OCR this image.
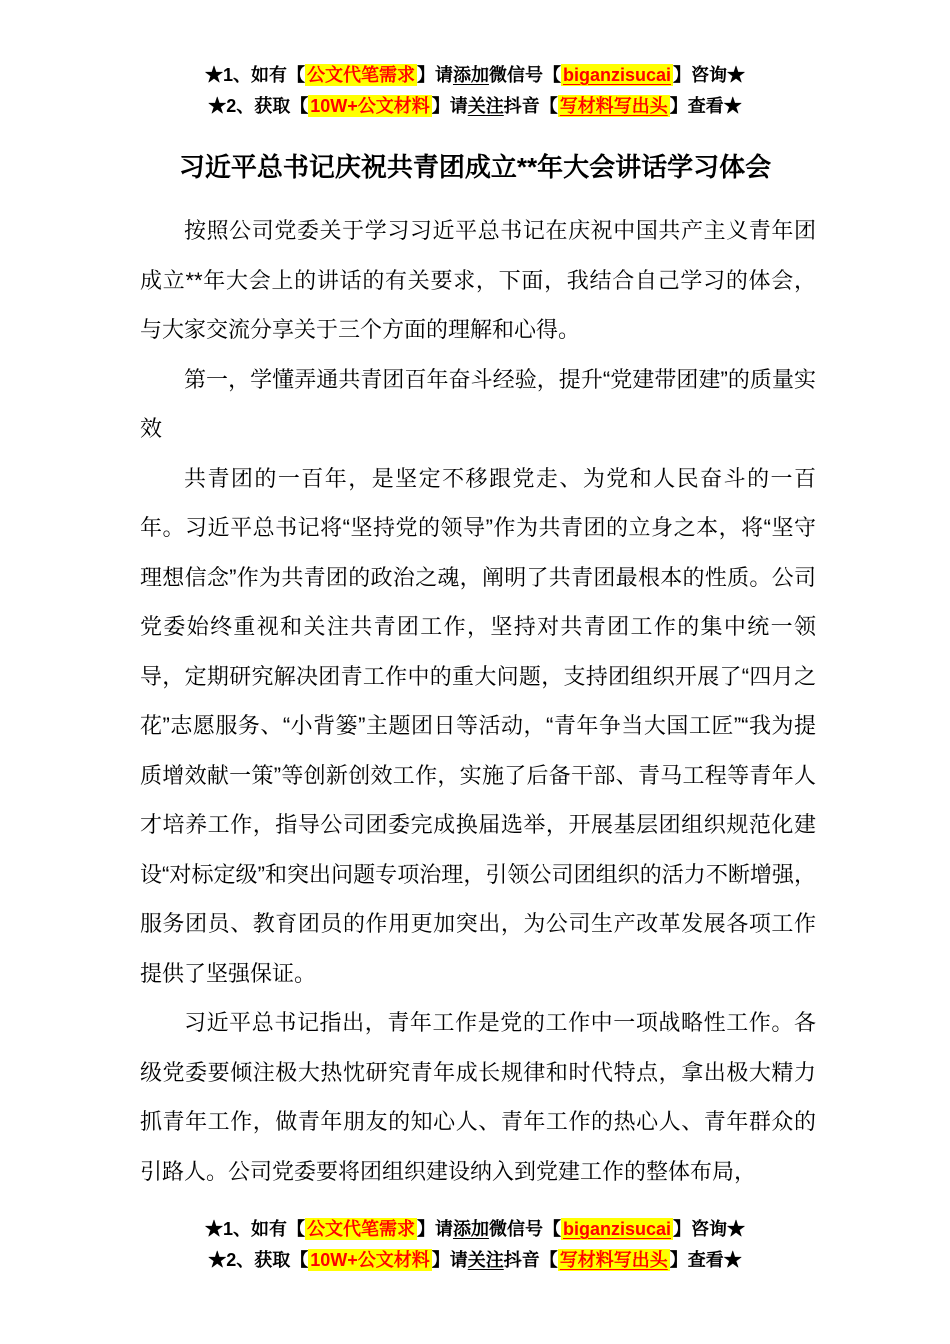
★1、如有【 公文代笔需求 】请添加微信号【 biganzisucai 】咨询★
★2、获取【 10W+公文材料 】请关注抖音【 写材料写出头 】查看★
习近平总书记庆祝共青团成立**年大会讲话学习体会

按照公司党委关于学习习近平总书记在庆祝中国共产主义青年团成立**年大会上的讲话的有关要求，下面，我结合自己学习的体会，与大家交流分享关于三个方面的理解和心得。

第一，学懂弄通共青团百年奋斗经验，提升“党建带团建”的质量实效

共青团的一百年，是坚定不移跟党走、为党和人民奋斗的一百年。习近平总书记将“坚持党的领导”作为共青团的立身之本，将“坚守理想信念”作为共青团的政治之魂，阐明了共青团最根本的性质。公司党委始终重视和关注共青团工作，坚持对共青团工作的集中统一领导，定期研究解决团青工作中的重大问题，支持团组织开展了“四月之花”志愿服务、“小背篓”主题团日等活动，“青年争当大国工匠”“我为提质增效献一策”等创新创效工作，实施了后备干部、青马工程等青年人才培养工作，指导公司团委完成换届选举，开展基层团组织规范化建设“对标定级”和突出问题专项治理，引领公司团组织的活力不断增强，服务团员、教育团员的作用更加突出，为公司生产改革发展各项工作提供了坚强保证。

习近平总书记指出，青年工作是党的工作中一项战略性工作。各级党委要倾注极大热忱研究青年成长规律和时代特点，拿出极大精力抓青年工作，做青年朋友的知心人、青年工作的热心人、青年群众的引路人。公司党委要将团组织建设纳入到党建工作的整体布局，

★1、如有【 公文代笔需求 】请添加微信号【 biganzisucai 】咨询★
★2、获取【 10W+公文材料 】请关注抖音【 写材料写出头 】查看★
